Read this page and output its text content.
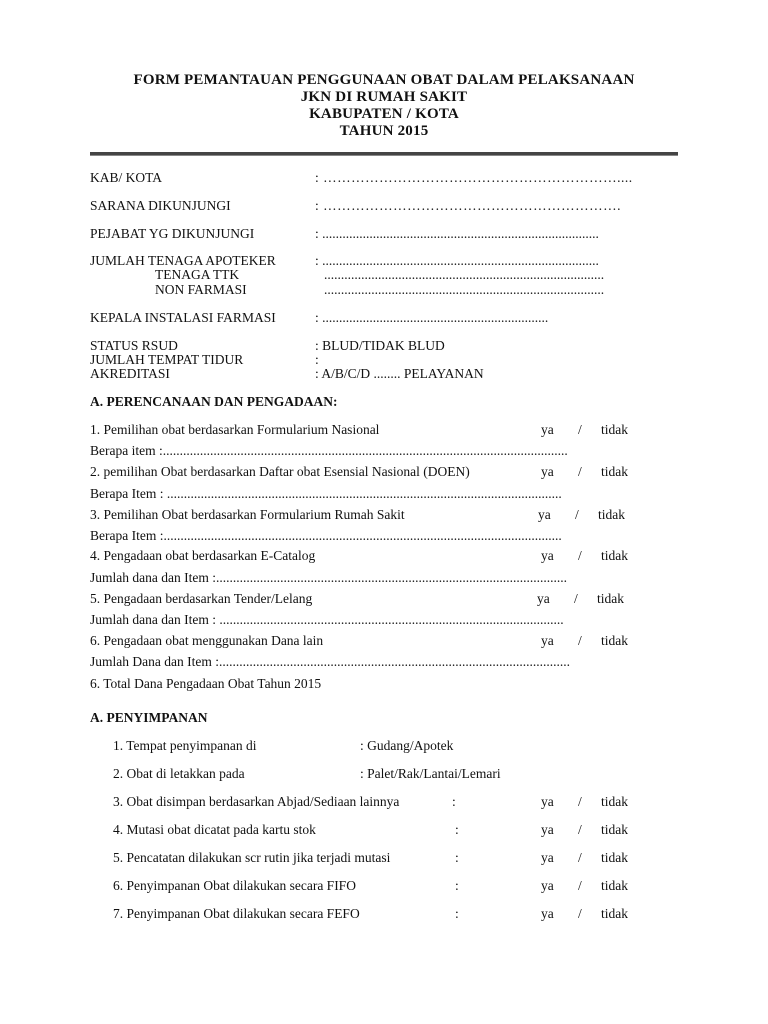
FORM PEMANTAUAN PENGGUNAAN OBAT DALAM PELAKSANAAN
JKN DI RUMAH SAKIT
KABUPATEN / KOTA
TAHUN 2015
KAB/ KOTA	: ………………………………………………………....
SARANA DIKUNJUNGI	: ……………………………………………………….
PEJABAT YG DIKUNJUNGI	: ..................................................................................
JUMLAH TENAGA APOTEKER	: ..................................................................................
TENAGA TTK	...................................................................................
NON FARMASI	...................................................................................
KEPALA INSTALASI FARMASI	: ...................................................................
STATUS RSUD	: BLUD/TIDAK BLUD
JUMLAH TEMPAT TIDUR	:
AKREDITASI	: A/B/C/D ........ PELAYANAN
A. PERENCANAAN DAN PENGADAAN:
1. Pemilihan obat berdasarkan Formularium Nasional	ya / tidak
Berapa item :........................................................................................................................
2. pemilihan Obat berdasarkan Daftar obat Esensial Nasional (DOEN)	ya / tidak
Berapa Item : .....................................................................................................................
3. Pemilihan Obat berdasarkan Formularium Rumah Sakit	ya / tidak
Berapa Item :......................................................................................................................
4. Pengadaan obat berdasarkan E-Catalog	ya / tidak
Jumlah dana dan Item :........................................................................................................
5. Pengadaan berdasarkan Tender/Lelang	ya / tidak
Jumlah dana dan Item : ......................................................................................................
6. Pengadaan obat menggunakan Dana lain	ya / tidak
Jumlah Dana dan Item :........................................................................................................
6. Total Dana Pengadaan Obat Tahun 2015
A. PENYIMPANAN
1. Tempat penyimpanan di	: Gudang/Apotek
2. Obat di letakkan pada	: Palet/Rak/Lantai/Lemari
3. Obat disimpan berdasarkan Abjad/Sediaan lainnya	:	ya / tidak
4. Mutasi obat dicatat pada kartu stok	:	ya / tidak
5. Pencatatan dilakukan scr rutin jika terjadi mutasi	:	ya / tidak
6. Penyimpanan Obat dilakukan secara FIFO	:	ya / tidak
7. Penyimpanan Obat dilakukan secara FEFO	:	ya / tidak
